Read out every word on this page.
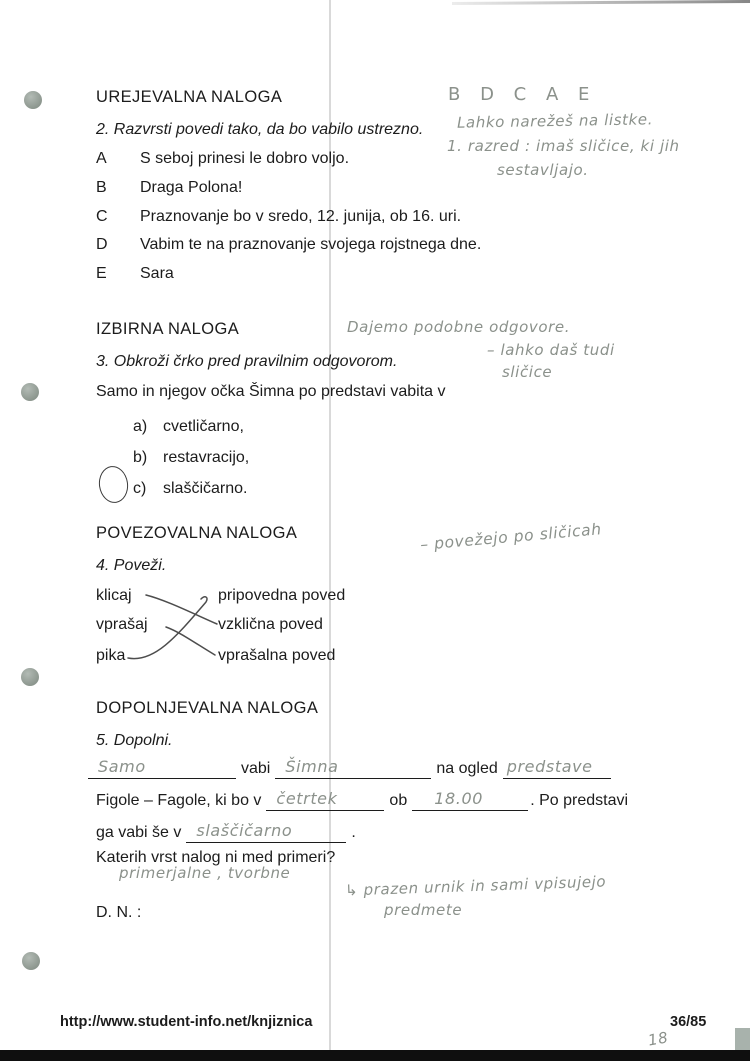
UREJEVALNA NALOGA
2. Razvrsti povedi tako, da bo vabilo ustrezno.
A S seboj prinesi le dobro voljo.
B Draga Polona!
C Praznovanje bo v sredo, 12. junija, ob 16. uri.
D Vabim te na praznovanje svojega rojstnega dne.
E Sara
B D C A E
Lahko narežeš na listke.
1. razred : imaš sličice, ki jih
sestavljajo.
IZBIRNA NALOGA
3. Obkroži črko pred pravilnim odgovorom.
Samo in njegov očka Šimna po predstavi vabita v
a) cvetličarno,
b) restavracijo,
c) slaščičarno.
Dajemo podobne odgovore.
– lahko daš tudi
sličice
POVEZOVALNA NALOGA
4. Poveži.
klicaj
vprašaj
pika
pripovedna poved
vzklična poved
vprašalna poved
– povežejo po sličicah
DOPOLNJEVALNA NALOGA
5. Dopolni.
Samo	vabi Šimna	na ogled predstave
Figole – Fagole, ki bo v četrtek	ob	18.00	. Po predstavi
ga vabi še v slaščičarno	.
Katerih vrst nalog ni med primeri?
primerjalne , tvorbne	↳ prazen urnik in sami vpisujejo
predmete
D. N. :
http://www.student-info.net/knjiznica	36/85
18
